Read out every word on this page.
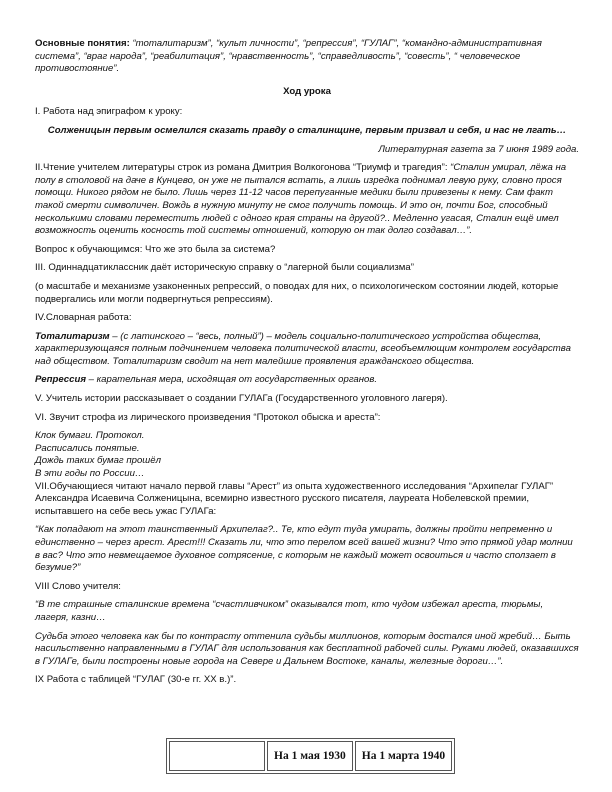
Основные понятия: “тоталитаризм”, “культ личности”, “репрессия”, “ГУЛАГ”, “командно-административная система”, “враг народа”, “реабилитация”, “нравственность”, “справедливость”, “совесть”, “ человеческое противостояние”.

Ход урока

I. Работа над эпиграфом к уроку:

Солженицын первым осмелился сказать правду о сталинщине, первым призвал и себя, и нас не лгать…

Литературная газета за 7 июня 1989 года.

II.Чтение учителем литературы строк из романа Дмитрия Волкогонова “Триумф и трагедия”: “Сталин умирал, лёжа на полу в столовой на даче в Кунцево, он уже не пытался встать, а лишь изредка поднимал левую руку, словно прося помощи. Никого рядом не было. Лишь через 11-12 часов перепуганные медики были привезены к нему. Сам факт такой смерти символичен. Вождь в нужную минуту не смог получить помощь. И это он, почти Бог, способный несколькими словами переместить людей с одного края страны на другой?.. Медленно угасая, Сталин ещё имел возможность оценить косность той системы отношений, которую он так долго создавал…”.

Вопрос к обучающимся: Что же это была за система?

III. Одиннадцатиклассник даёт историческую справку о “лагерной были социализма”

(о масштабе и механизме узаконенных репрессий, о поводах для них, о психологическом состоянии людей, которые подвергались или могли подвергнуться репрессиям).

IV.Словарная работа:

Тоталитаризм – (с латинского – “весь, полный”) – модель социально-политического устройства общества, характеризующаяся полным подчинением человека политической власти, всеобъемлющим контролем государства над обществом. Тоталитаризм сводит на нет малейшие проявления гражданского общества.

Репрессия – карательная мера, исходящая от государственных органов.

V. Учитель истории рассказывает о создании ГУЛАГа (Государственного уголовного лагеря).

VI. Звучит строфа из лирического произведения “Протокол обыска и ареста”:

Клок бумаги. Протокол.
Расписались понятые.
Дождь таких бумаг прошёл
В эти годы по России…

VII.Обучающиеся читают начало первой главы “Арест” из опыта художественного исследования “Архипелаг ГУЛАГ” Александра Исаевича Солженицына, всемирно известного русского писателя, лауреата Нобелевской премии, испытавшего на себе весь ужас ГУЛАГа:

“Как попадают на этот таинственный Архипелаг?.. Те, кто едут туда умирать, должны пройти непременно и единственно – через арест. Арест!!! Сказать ли, что это перелом всей вашей жизни? Что это прямой удар молнии в вас? Что это невмещаемое духовное сотрясение, с которым не каждый может освоиться и часто сползает в безумие?”

VIII Слово учителя:

“В те страшные сталинские времена “счастливчиком” оказывался тот, кто чудом избежал ареста, тюрьмы, лагеря, казни…

Судьба этого человека как бы по контрасту оттенила судьбы миллионов, которым достался иной жребий… Быть насильственно направленными в ГУЛАГ для использования как бесплатной рабочей силы. Руками людей, оказавшихся в ГУЛАГе, были построены новые города на Севере и Дальнем Востоке, каналы, железные дороги…”.

IX Работа с таблицей “ГУЛАГ (30-е гг. ХХ в.)”.

	На 1 мая 1930	На 1 марта 1940
